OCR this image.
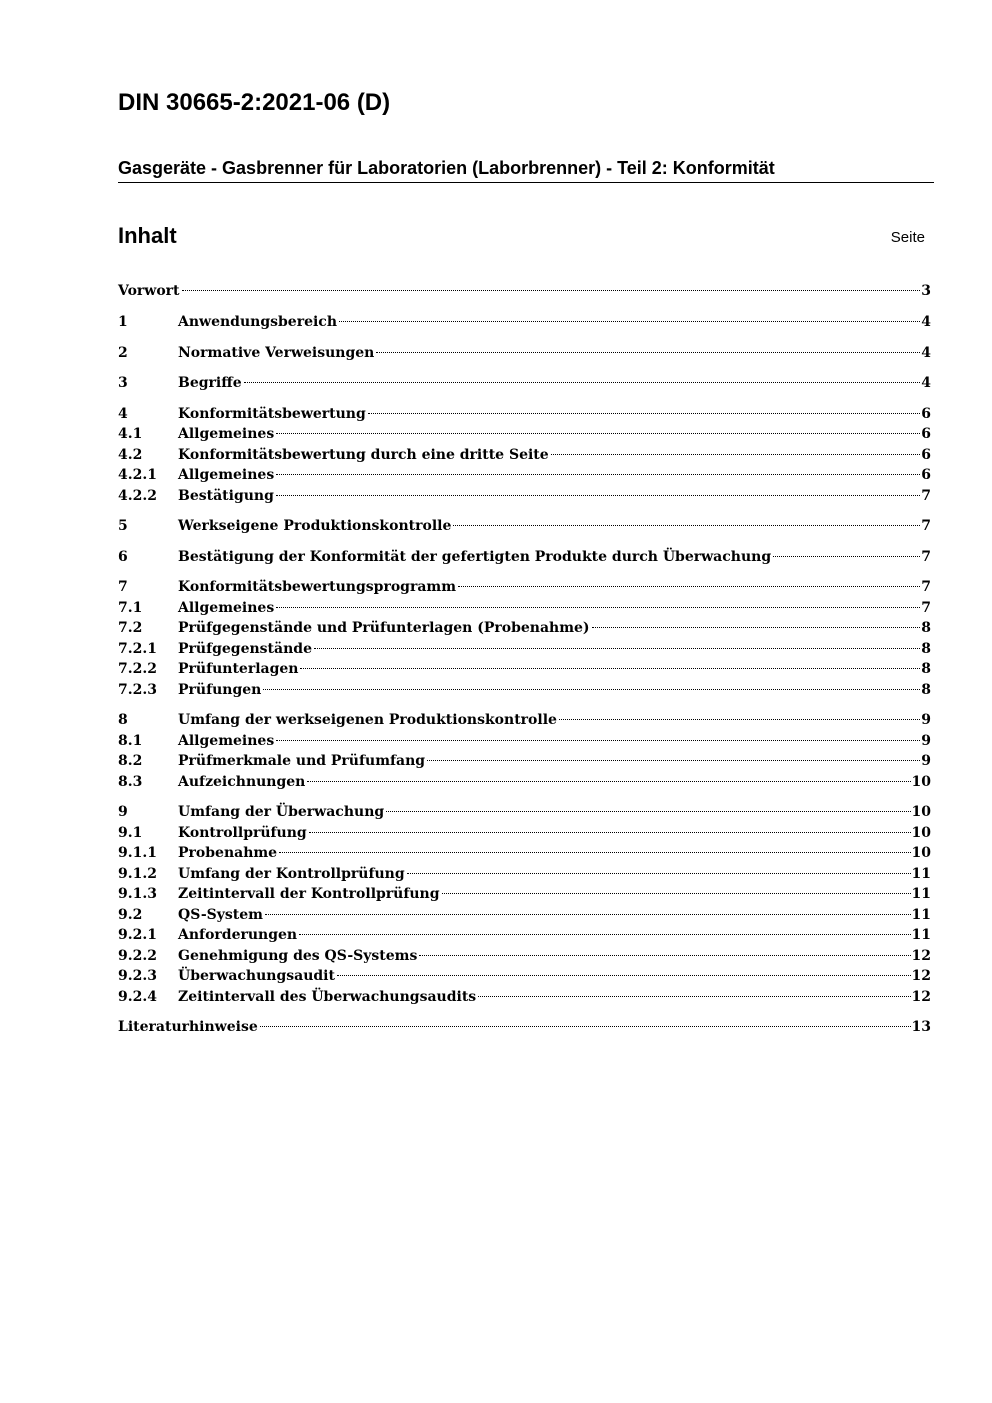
DIN 30665-2:2021-06 (D)
Gasgeräte - Gasbrenner für Laboratorien (Laborbrenner) - Teil 2: Konformität
Inhalt	Seite
Vorwort	3
1	Anwendungsbereich	4
2	Normative Verweisungen	4
3	Begriffe	4
4	Konformitätsbewertung	6
4.1	Allgemeines	6
4.2	Konformitätsbewertung durch eine dritte Seite	6
4.2.1	Allgemeines	6
4.2.2	Bestätigung	7
5	Werkseigene Produktionskontrolle	7
6	Bestätigung der Konformität der gefertigten Produkte durch Überwachung	7
7	Konformitätsbewertungsprogramm	7
7.1	Allgemeines	7
7.2	Prüfgegenstände und Prüfunterlagen (Probenahme)	8
7.2.1	Prüfgegenstände	8
7.2.2	Prüfunterlagen	8
7.2.3	Prüfungen	8
8	Umfang der werkseigenen Produktionskontrolle	9
8.1	Allgemeines	9
8.2	Prüfmerkmale und Prüfumfang	9
8.3	Aufzeichnungen	10
9	Umfang der Überwachung	10
9.1	Kontrollprüfung	10
9.1.1	Probenahme	10
9.1.2	Umfang der Kontrollprüfung	11
9.1.3	Zeitintervall der Kontrollprüfung	11
9.2	QS-System	11
9.2.1	Anforderungen	11
9.2.2	Genehmigung des QS-Systems	12
9.2.3	Überwachungsaudit	12
9.2.4	Zeitintervall des Überwachungsaudits	12
Literaturhinweise	13
